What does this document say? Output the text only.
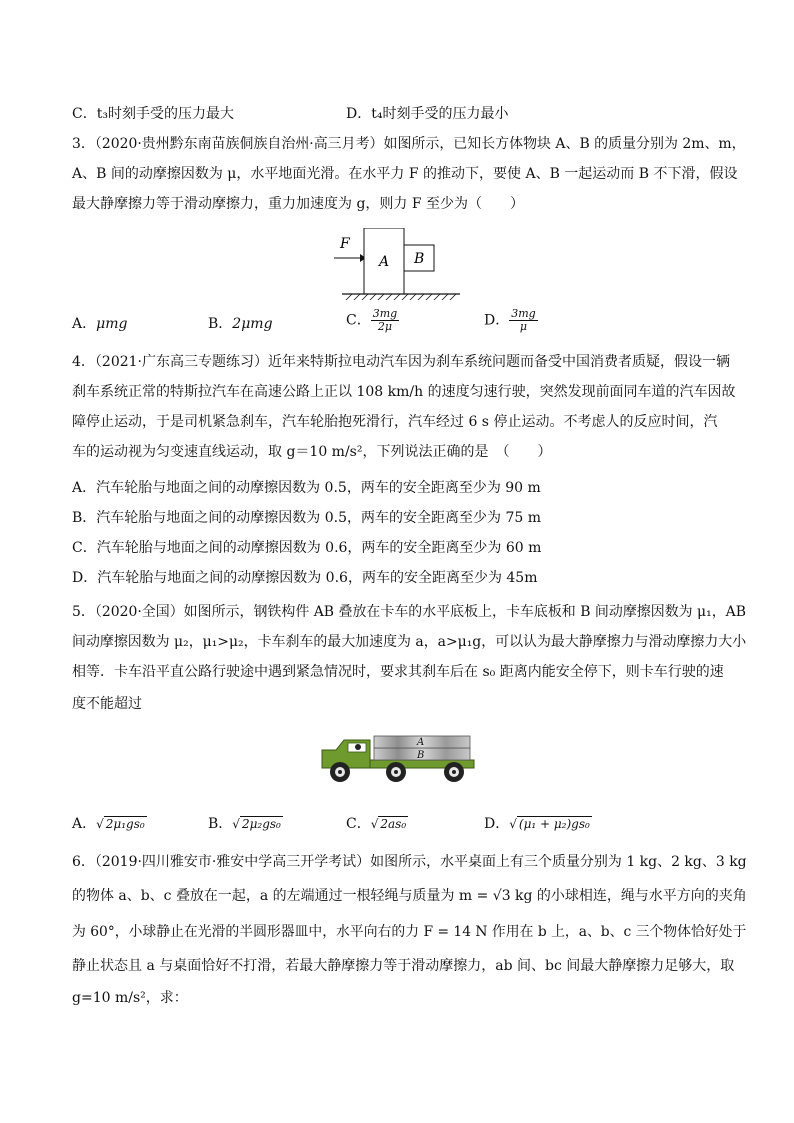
C．t₃时刻手受的压力最大	D．t₄时刻手受的压力最小
3．（2020·贵州黔东南苗族侗族自治州·高三月考）如图所示，已知长方体物块 A、B 的质量分别为 2m、m，
A、B 间的动摩擦因数为 μ，水平地面光滑。在水平力 F 的推动下，要使 A、B 一起运动而 B 不下滑，假设
最大静摩擦力等于滑动摩擦力，重力加速度为 g，则力 F 至少为（　　）
F
A B
A．μmg	B．2μmg	C． $\frac{3mg}{2\mu}$	D． $\frac{3mg}{\mu}$
4．（2021·广东高三专题练习）近年来特斯拉电动汽车因为刹车系统问题而备受中国消费者质疑，假设一辆
刹车系统正常的特斯拉汽车在高速公路上正以 108 km/h 的速度匀速行驶，突然发现前面同车道的汽车因故
障停止运动，于是司机紧急刹车，汽车轮胎抱死滑行，汽车经过 6 s 停止运动。不考虑人的反应时间，汽
车的运动视为匀变速直线运动，取 g＝10 m/s²，下列说法正确的是　（　　）
A．汽车轮胎与地面之间的动摩擦因数为 0.5，两车的安全距离至少为 90 m
B．汽车轮胎与地面之间的动摩擦因数为 0.5，两车的安全距离至少为 75 m
C．汽车轮胎与地面之间的动摩擦因数为 0.6，两车的安全距离至少为 60 m
D．汽车轮胎与地面之间的动摩擦因数为 0.6，两车的安全距离至少为 45m
5．（2020·全国）如图所示，钢铁构件 AB 叠放在卡车的水平底板上，卡车底板和 B 间动摩擦因数为 μ₁，AB
间动摩擦因数为 μ₂，μ₁>μ₂，卡车刹车的最大加速度为 a，a>μ₁g，可以认为最大静摩擦力与滑动摩擦力大小
相等．卡车沿平直公路行驶途中遇到紧急情况时，要求其刹车后在 s₀ 距离内能安全停下，则卡车行驶的速
度不能超过
A
B
A．√ 2μ₁gs₀	B．√ 2μ₂gs₀	C．√ 2as₀	D．√ (μ₁ + μ₂)gs₀
6．（2019·四川雅安市·雅安中学高三开学考试）如图所示，水平桌面上有三个质量分别为 1 kg、2 kg、3 kg
的物体 a、b、c 叠放在一起，a 的左端通过一根轻绳与质量为 m = √3 kg 的小球相连，绳与水平方向的夹角
为 60°，小球静止在光滑的半圆形器皿中，水平向右的力 F = 14 N 作用在 b 上，a、b、c 三个物体恰好处于
静止状态且 a 与桌面恰好不打滑，若最大静摩擦力等于滑动摩擦力，ab 间、bc 间最大静摩擦力足够大，取
g=10 m/s²，求：
